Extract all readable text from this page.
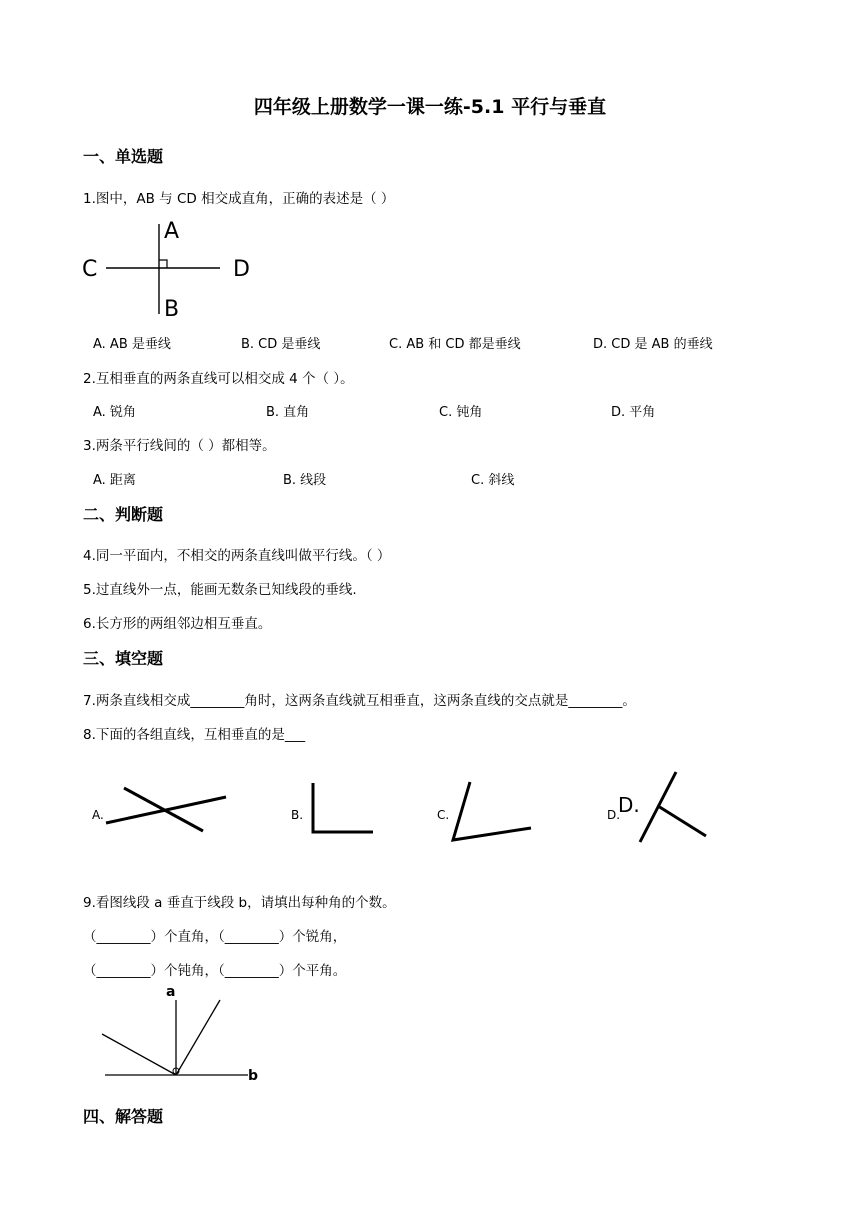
四年级上册数学一课一练-5.1 平行与垂直
一、单选题
1.图中，AB 与 CD 相交成直角，正确的表述是（ ）
A
B
C	D
A. AB 是垂线	B. CD 是垂线	C. AB 和 CD 都是垂线	D. CD 是 AB 的垂线
2.互相垂直的两条直线可以相交成 4 个（ ）。
A. 锐角	B. 直角	C. 钝角	D. 平角
3.两条平行线间的（ ）都相等。
A. 距离	B. 线段	C. 斜线
二、判断题
4.同一平面内，不相交的两条直线叫做平行线。（ ）
5.过直线外一点，能画无数条已知线段的垂线.
6.长方形的两组邻边相互垂直。
三、填空题
7.两条直线相交成________角时，这两条直线就互相垂直，这两条直线的交点就是________。
8.下面的各组直线，互相垂直的是___
A.	B.	C.	D.
D.
9.看图线段 a 垂直于线段 b，请填出每种角的个数。
（________）个直角，（________）个锐角，
（________）个钝角，（________）个平角。
a
b
四、解答题
